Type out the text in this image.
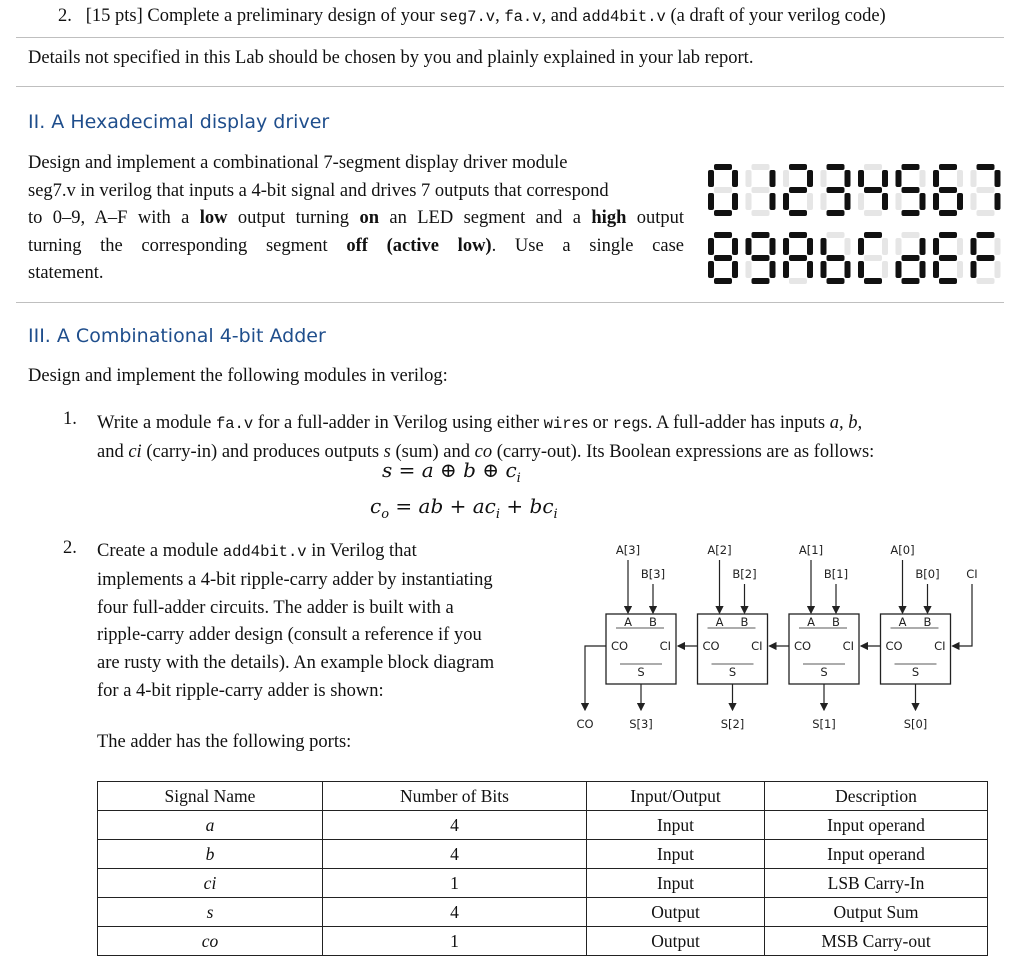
2. [15 pts] Complete a preliminary design of your seg7.v, fa.v, and add4bit.v (a draft of your verilog code)
Details not specified in this Lab should be chosen by you and plainly explained in your lab report.
II. A Hexadecimal display driver
Design and implement a combinational 7-segment display driver module
seg7.v in verilog that inputs a 4-bit signal and drives 7 outputs that correspond
to 0–9, A–F with a low output turning on an LED segment and a high output
turning the corresponding segment off (active low). Use a single case
statement.
III. A Combinational 4-bit Adder
Design and implement the following modules in verilog:
1. Write a module fa.v for a full-adder in Verilog using either wires or regs. A full-adder has inputs a, b,
and ci (carry-in) and produces outputs s (sum) and co (carry-out). Its Boolean expressions are as follows:
s = a ⊕ b ⊕ $c_i$
$c_o$ = ab + $ac_i + bc_i$
2. Create a module add4bit.v in Verilog that
implements a 4-bit ripple-carry adder by instantiating
four full-adder circuits. The adder is built with a
ripple-carry adder design (consult a reference if you
are rusty with the details). An example block diagram
for a 4-bit ripple-carry adder is shown:
A[3]
B[3]
A B
CO	CI
S
S[3]
A[2]
B[2]
A B
CO	CI
S
S[2]
A[1]
B[1]
A B
CO	CI
S
S[1]
A[0]
B[0]
A B
CO	CI
S
S[0]
CI
CO
The adder has the following ports:
Signal Name	Number of Bits	Input/Output	Description
a	4	Input	Input operand
b	4	Input	Input operand
ci	1	Input	LSB Carry-In
s	4	Output	Output Sum
co	1	Output	MSB Carry-out
